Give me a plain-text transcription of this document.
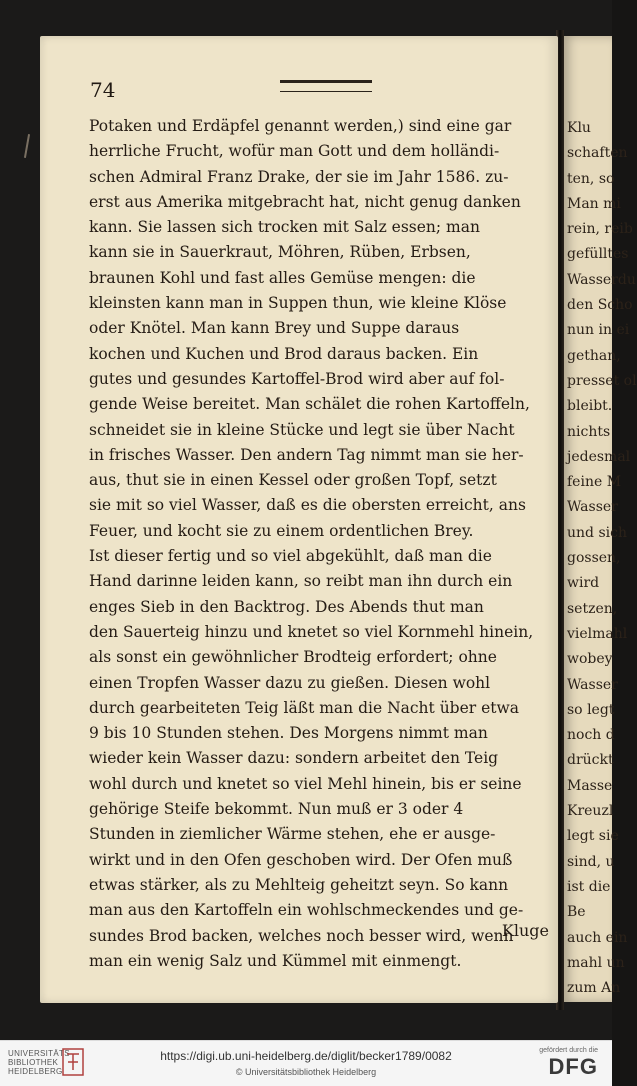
Klu
schaften
ten, so
Man mi
rein, reib
gefülltes
Wasserdu
den Scho
nun in ei
gethan,
presset ol
bleibt.
nichts
jedesmal
feine M
Wasser
und sich
gossen,
wird
setzen,
vielmahl
wobey
Wasser
so legt
noch d
drückt
Masse
Kreuzl
legt sie
sind, u
ist die
Be
auch ein
mahl un
zum An
74
Potaken und Erdäpfel genannt werden,) sind eine gar
herrliche Frucht, wofür man Gott und dem holländi-
schen Admiral Franz Drake, der sie im Jahr 1586. zu-
erst aus Amerika mitgebracht hat, nicht genug danken
kann. Sie lassen sich trocken mit Salz essen; man
kann sie in Sauerkraut, Möhren, Rüben, Erbsen,
braunen Kohl und fast alles Gemüse mengen: die
kleinsten kann man in Suppen thun, wie kleine Klöse
oder Knötel. Man kann Brey und Suppe daraus
kochen und Kuchen und Brod daraus backen. Ein
gutes und gesundes Kartoffel-Brod wird aber auf fol-
gende Weise bereitet. Man schälet die rohen Kartoffeln,
schneidet sie in kleine Stücke und legt sie über Nacht
in frisches Wasser. Den andern Tag nimmt man sie her-
aus, thut sie in einen Kessel oder großen Topf, setzt
sie mit so viel Wasser, daß es die obersten erreicht, ans
Feuer, und kocht sie zu einem ordentlichen Brey.
Ist dieser fertig und so viel abgekühlt, daß man die
Hand darinne leiden kann, so reibt man ihn durch ein
enges Sieb in den Backtrog. Des Abends thut man
den Sauerteig hinzu und knetet so viel Kornmehl hinein,
als sonst ein gewöhnlicher Brodteig erfordert; ohne
einen Tropfen Wasser dazu zu gießen. Diesen wohl
durch gearbeiteten Teig läßt man die Nacht über etwa
9 bis 10 Stunden stehen. Des Morgens nimmt man
wieder kein Wasser dazu: sondern arbeitet den Teig
wohl durch und knetet so viel Mehl hinein, bis er seine
gehörige Steife bekommt. Nun muß er 3 oder 4
Stunden in ziemlicher Wärme stehen, ehe er ausge-
wirkt und in den Ofen geschoben wird. Der Ofen muß
etwas stärker, als zu Mehlteig geheitzt seyn. So kann
man aus den Kartoffeln ein wohlschmeckendes und ge-
sundes Brod backen, welches noch besser wird, wenn
man ein wenig Salz und Kümmel mit einmengt.
Kluge
UNIVERSITÄTS-
BIBLIOTHEK
HEIDELBERG
https://digi.ub.uni-heidelberg.de/diglit/becker1789/0082
© Universitätsbibliothek Heidelberg
gefördert durch die
DFG
